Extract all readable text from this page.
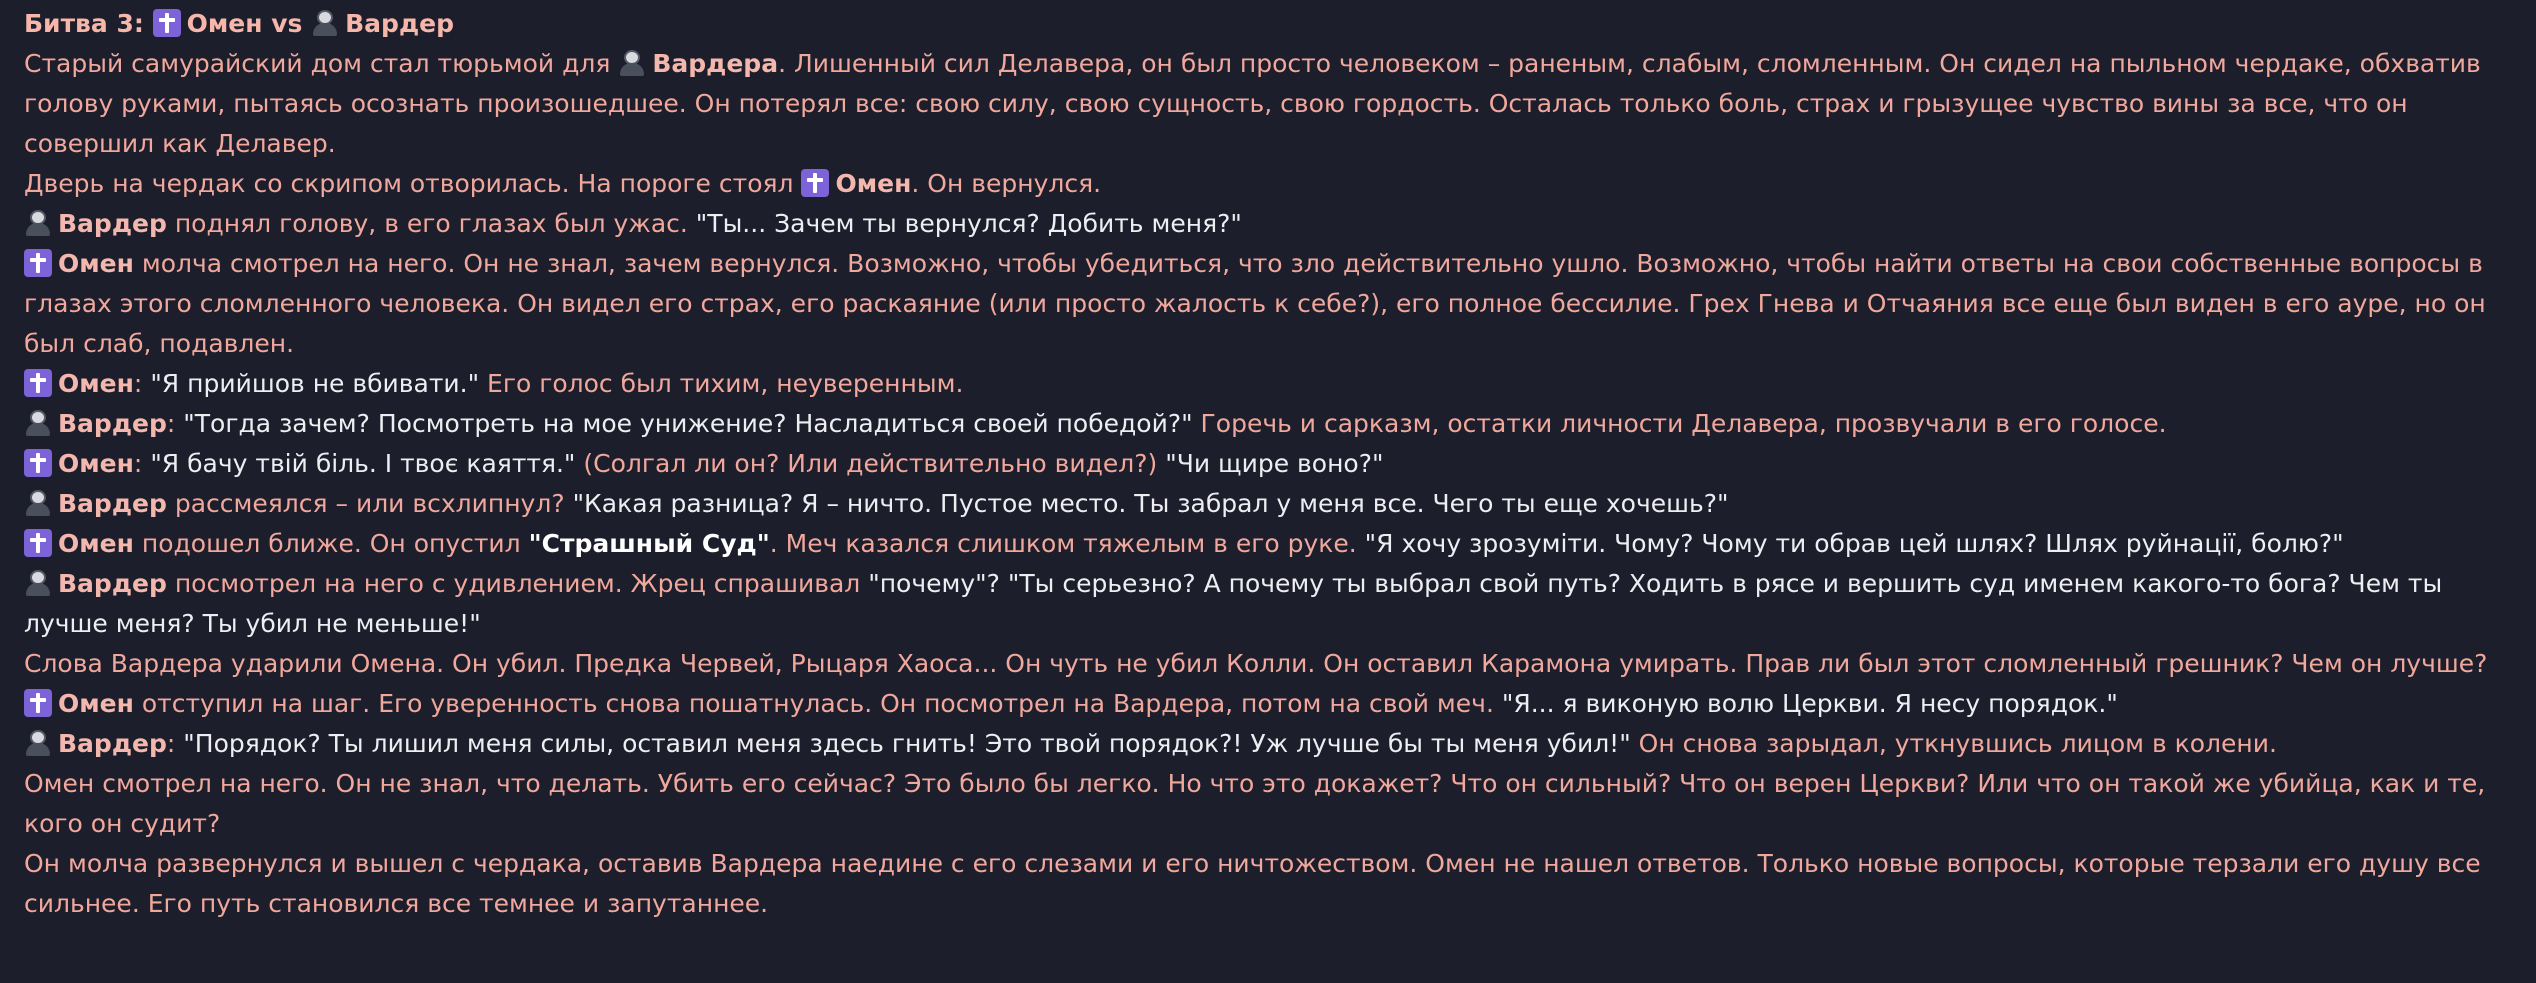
Битва 3: Омен vs Вардер

Старый самурайский дом стал тюрьмой для Вардера. Лишенный сил Делавера, он был просто человеком – раненым, слабым, сломленным. Он сидел на пыльном чердаке, обхватив голову руками, пытаясь осознать произошедшее. Он потерял все: свою силу, свою сущность, свою гордость. Осталась только боль, страх и грызущее чувство вины за все, что он совершил как Делавер.

Дверь на чердак со скрипом отворилась. На пороге стоял Омен. Он вернулся.

Вардер поднял голову, в его глазах был ужас. "Ты... Зачем ты вернулся? Добить меня?"

Омен молча смотрел на него. Он не знал, зачем вернулся. Возможно, чтобы убедиться, что зло действительно ушло. Возможно, чтобы найти ответы на свои собственные вопросы в глазах этого сломленного человека. Он видел его страх, его раскаяние (или просто жалость к себе?), его полное бессилие. Грех Гнева и Отчаяния все еще был виден в его ауре, но он был слаб, подавлен.

Омен: "Я прийшов не вбивати." Его голос был тихим, неуверенным.

Вардер: "Тогда зачем? Посмотреть на мое унижение? Насладиться своей победой?" Горечь и сарказм, остатки личности Делавера, прозвучали в его голосе.

Омен: "Я бачу твій біль. І твоє каяття." (Солгал ли он? Или действительно видел?) "Чи щире воно?"

Вардер рассмеялся – или всхлипнул? "Какая разница? Я – ничто. Пустое место. Ты забрал у меня все. Чего ты еще хочешь?"

Омен подошел ближе. Он опустил "Страшный Суд". Меч казался слишком тяжелым в его руке. "Я хочу зрозуміти. Чому? Чому ти обрав цей шлях? Шлях руйнації, болю?"

Вардер посмотрел на него с удивлением. Жрец спрашивал "почему"? "Ты серьезно? А почему ты выбрал свой путь? Ходить в рясе и вершить суд именем какого-то бога? Чем ты лучше меня? Ты убил не меньше!"

Слова Вардера ударили Омена. Он убил. Предка Червей, Рыцаря Хаоса... Он чуть не убил Колли. Он оставил Карамона умирать. Прав ли был этот сломленный грешник? Чем он лучше?

Омен отступил на шаг. Его уверенность снова пошатнулась. Он посмотрел на Вардера, потом на свой меч. "Я... я виконую волю Церкви. Я несу порядок."

Вардер: "Порядок? Ты лишил меня силы, оставил меня здесь гнить! Это твой порядок?! Уж лучше бы ты меня убил!" Он снова зарыдал, уткнувшись лицом в колени.

Омен смотрел на него. Он не знал, что делать. Убить его сейчас? Это было бы легко. Но что это докажет? Что он сильный? Что он верен Церкви? Или что он такой же убийца, как и те, кого он судит?

Он молча развернулся и вышел с чердака, оставив Вардера наедине с его слезами и его ничтожеством. Омен не нашел ответов. Только новые вопросы, которые терзали его душу все сильнее. Его путь становился все темнее и запутаннее.
